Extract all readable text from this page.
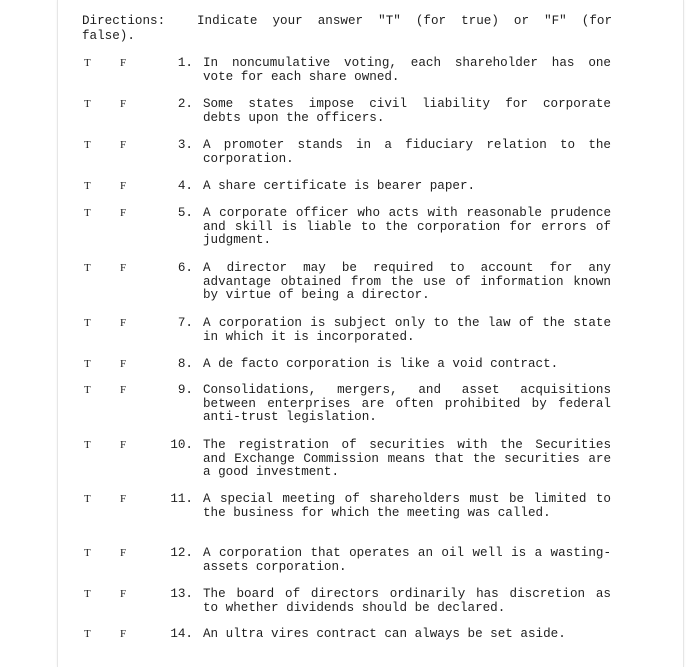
Directions:	Indicate your answer "T" (for true) or "F" (for false).
T	F	1. In noncumulative voting, each shareholder has one vote for each share owned.
T	F	2. Some states impose civil liability for corporate debts upon the officers.
T	F	3. A promoter stands in a fiduciary relation to the corporation.
T	F	4. A share certificate is bearer paper.
T	F	5. A corporate officer who acts with reasonable prudence and skill is liable to the corporation for errors of judgment.
T	F	6. A director may be required to account for any advantage obtained from the use of information known by virtue of being a director.
T	F	7. A corporation is subject only to the law of the state in which it is incorporated.
T	F	8. A de facto corporation is like a void contract.
T	F	9. Consolidations, mergers, and asset acquisitions between enterprises are often prohibited by federal anti-trust legislation.
T	F	10. The registration of securities with the Securities and Exchange Commission means that the securities are a good investment.
T	F	11. A special meeting of shareholders must be limited to the business for which the meeting was called.
T	F	12. A corporation that operates an oil well is a wasting-assets corporation.
T	F	13. The board of directors ordinarily has discretion as to whether dividends should be declared.
T	F	14. An ultra vires contract can always be set aside.
